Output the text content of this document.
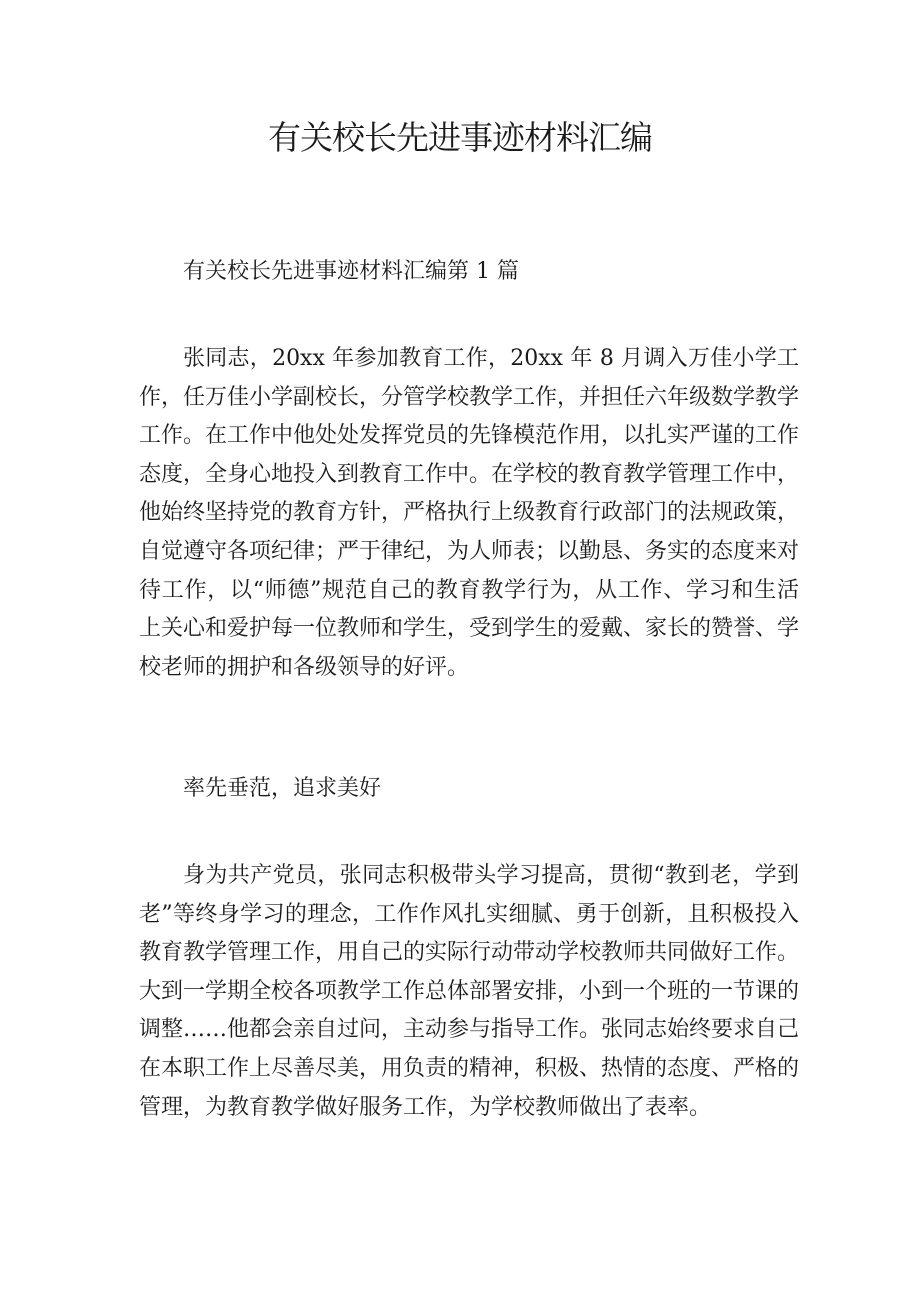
有关校长先进事迹材料汇编

有关校长先进事迹材料汇编第 1 篇

张同志，20xx 年参加教育工作，20xx 年 8 月调入万佳小学工作，任万佳小学副校长，分管学校教学工作，并担任六年级数学教学工作。在工作中他处处发挥党员的先锋模范作用，以扎实严谨的工作态度，全身心地投入到教育工作中。在学校的教育教学管理工作中，他始终坚持党的教育方针，严格执行上级教育行政部门的法规政策，自觉遵守各项纪律；严于律纪，为人师表；以勤恳、务实的态度来对待工作，以“师德”规范自己的教育教学行为，从工作、学习和生活上关心和爱护每一位教师和学生，受到学生的爱戴、家长的赞誉、学校老师的拥护和各级领导的好评。

率先垂范，追求美好

身为共产党员，张同志积极带头学习提高，贯彻“教到老，学到老”等终身学习的理念，工作作风扎实细腻、勇于创新，且积极投入教育教学管理工作，用自己的实际行动带动学校教师共同做好工作。大到一学期全校各项教学工作总体部署安排，小到一个班的一节课的调整……他都会亲自过问，主动参与指导工作。张同志始终要求自己在本职工作上尽善尽美，用负责的精神，积极、热情的态度、严格的管理，为教育教学做好服务工作，为学校教师做出了表率。
